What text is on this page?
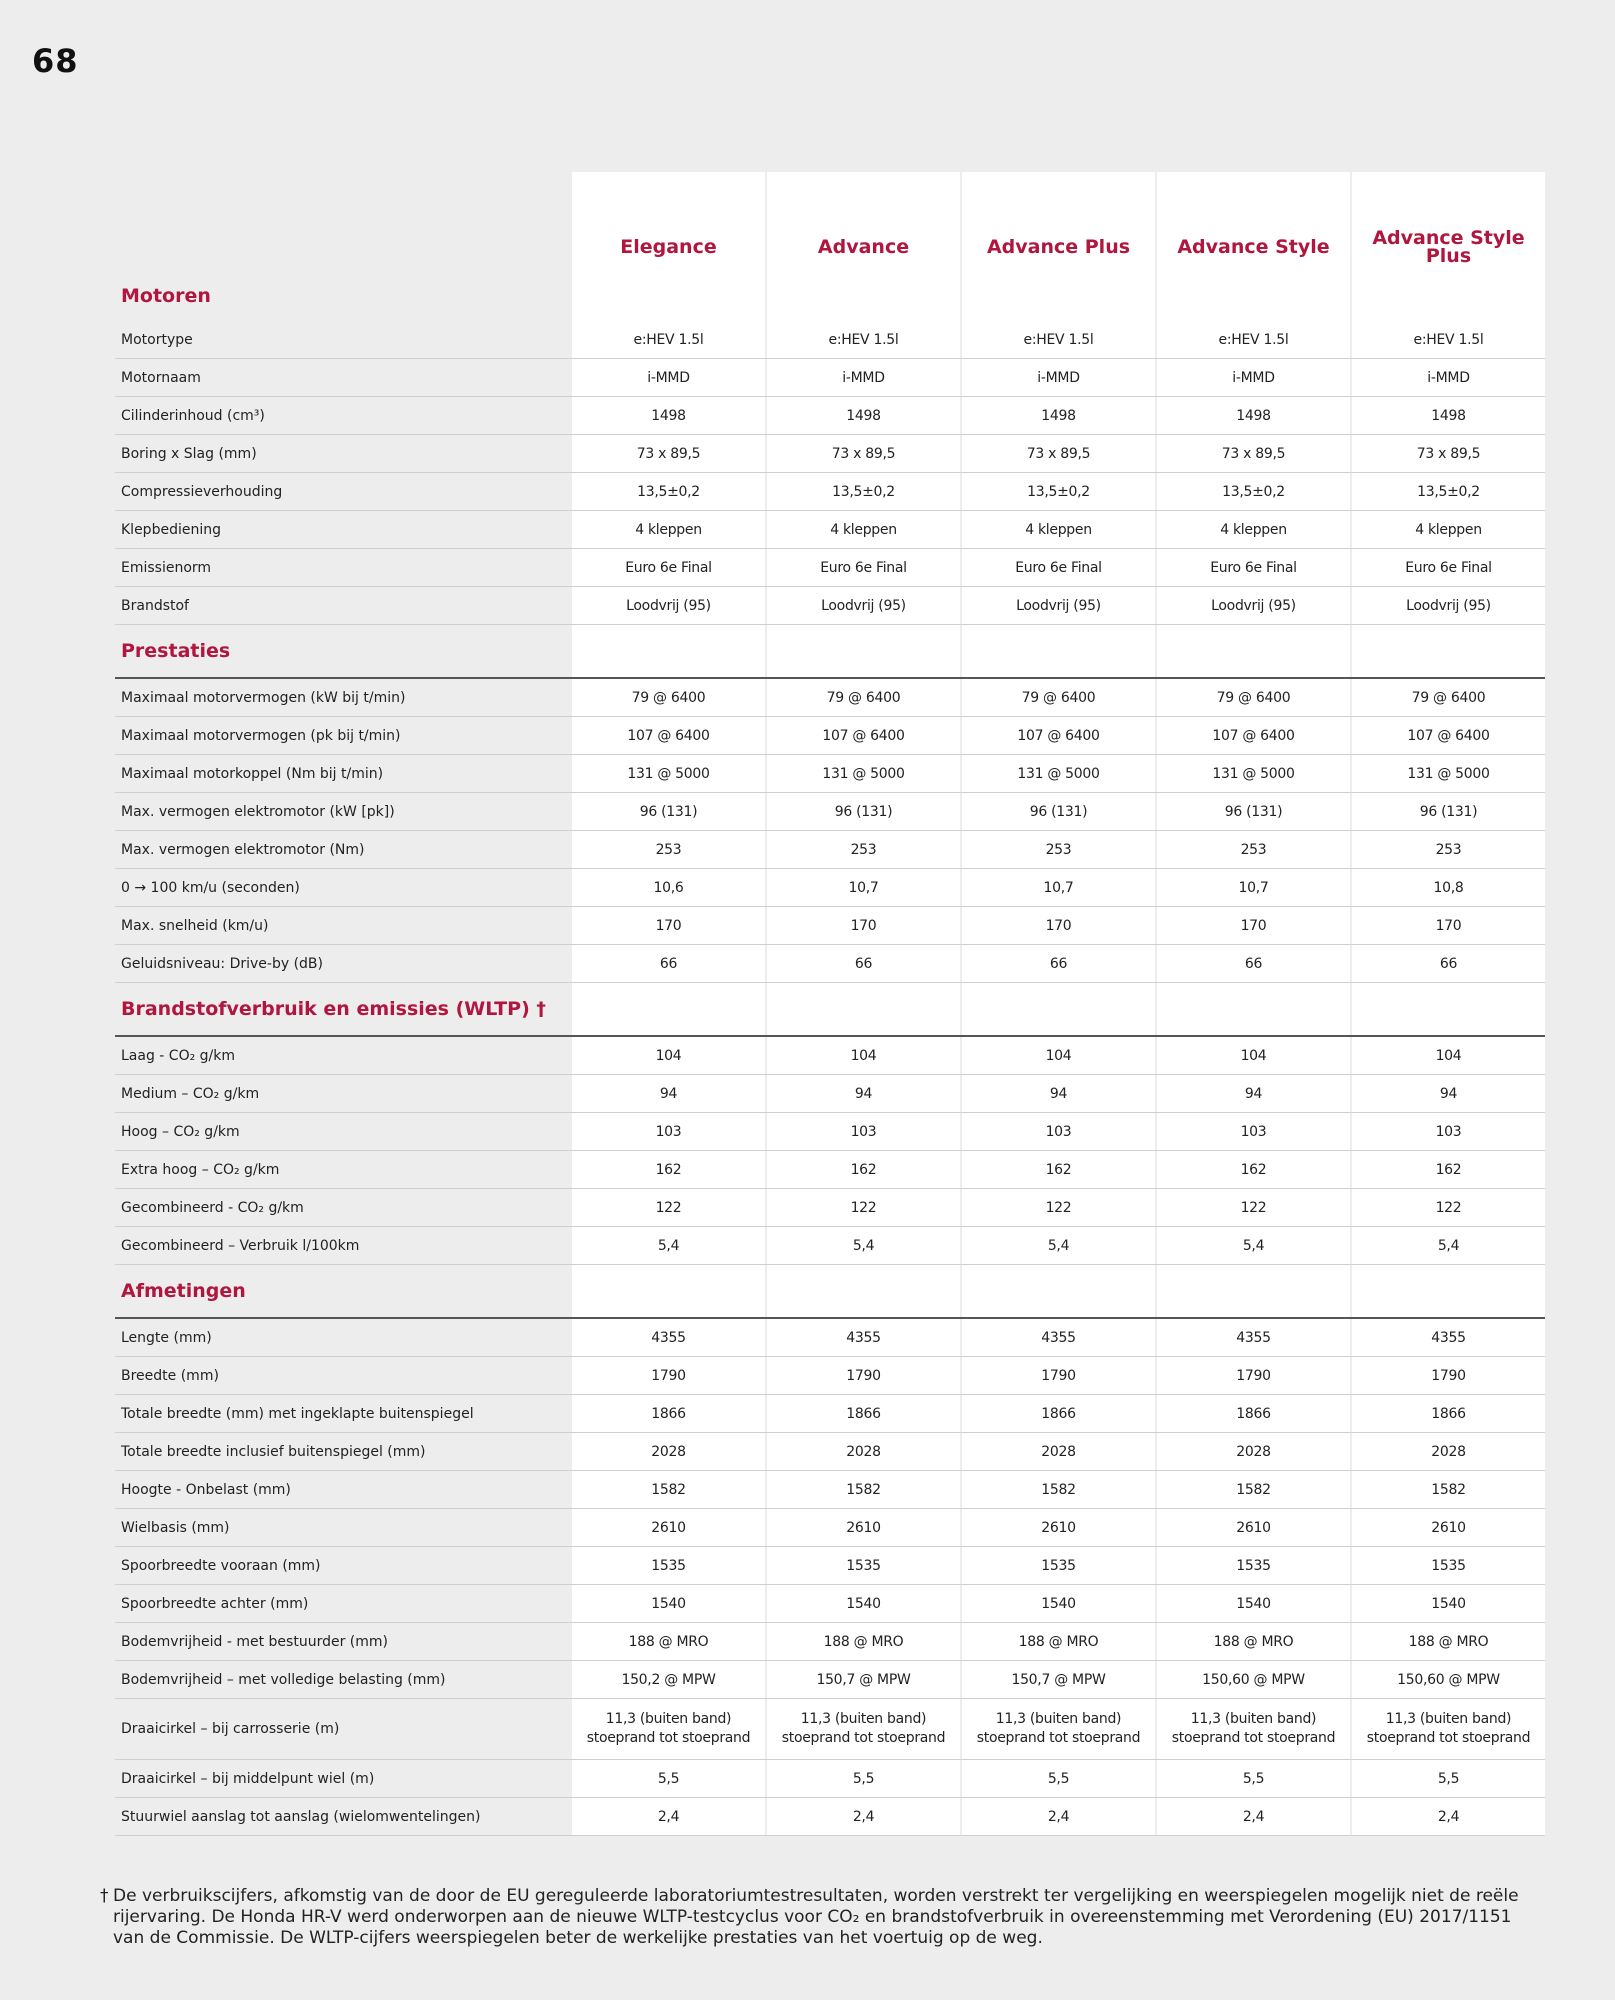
68
Motoren	Elegance		Advance		Advance Plus		Advance Style		Advance Style Plus
Motortype	e:HEV 1.5l		e:HEV 1.5l		e:HEV 1.5l		e:HEV 1.5l		e:HEV 1.5l
Motornaam	i-MMD		i-MMD		i-MMD		i-MMD		i-MMD
Cilinderinhoud (cm³)	1498		1498		1498		1498		1498
Boring x Slag (mm)	73 x 89,5		73 x 89,5		73 x 89,5		73 x 89,5		73 x 89,5
Compressieverhouding	13,5±0,2		13,5±0,2		13,5±0,2		13,5±0,2		13,5±0,2
Klepbediening	4 kleppen		4 kleppen		4 kleppen		4 kleppen		4 kleppen
Emissienorm	Euro 6e Final		Euro 6e Final		Euro 6e Final		Euro 6e Final		Euro 6e Final
Brandstof	Loodvrij (95)		Loodvrij (95)		Loodvrij (95)		Loodvrij (95)		Loodvrij (95)
Prestaties									
Maximaal motorvermogen (kW bij t/min)	79 @ 6400		79 @ 6400		79 @ 6400		79 @ 6400		79 @ 6400
Maximaal motorvermogen (pk bij t/min)	107 @ 6400		107 @ 6400		107 @ 6400		107 @ 6400		107 @ 6400
Maximaal motorkoppel (Nm bij t/min)	131 @ 5000		131 @ 5000		131 @ 5000		131 @ 5000		131 @ 5000
Max. vermogen elektromotor (kW [pk])	96 (131)		96 (131)		96 (131)		96 (131)		96 (131)
Max. vermogen elektromotor (Nm)	253		253		253		253		253
0 → 100 km/u (seconden)	10,6		10,7		10,7		10,7		10,8
Max. snelheid (km/u)	170		170		170		170		170
Geluidsniveau: Drive-by (dB)	66		66		66		66		66
Brandstofverbruik en emissies (WLTP) †									
Laag - CO₂ g/km	104		104		104		104		104
Medium – CO₂ g/km	94		94		94		94		94
Hoog – CO₂ g/km	103		103		103		103		103
Extra hoog – CO₂ g/km	162		162		162		162		162
Gecombineerd - CO₂ g/km	122		122		122		122		122
Gecombineerd – Verbruik l/100km	5,4		5,4		5,4		5,4		5,4
Afmetingen									
Lengte (mm)	4355		4355		4355		4355		4355
Breedte (mm)	1790		1790		1790		1790		1790
Totale breedte (mm) met ingeklapte buitenspiegel	1866		1866		1866		1866		1866
Totale breedte inclusief buitenspiegel (mm)	2028		2028		2028		2028		2028
Hoogte - Onbelast (mm)	1582		1582		1582		1582		1582
Wielbasis (mm)	2610		2610		2610		2610		2610
Spoorbreedte vooraan (mm)	1535		1535		1535		1535		1535
Spoorbreedte achter (mm)	1540		1540		1540		1540		1540
Bodemvrijheid - met bestuurder (mm)	188 @ MRO		188 @ MRO		188 @ MRO		188 @ MRO		188 @ MRO
Bodemvrijheid – met volledige belasting (mm)	150,2 @ MPW		150,7 @ MPW		150,7 @ MPW		150,60 @ MPW		150,60 @ MPW
Draaicirkel – bij carrosserie (m)	11,3 (buiten band) stoeprand tot stoeprand		11,3 (buiten band) stoeprand tot stoeprand		11,3 (buiten band) stoeprand tot stoeprand		11,3 (buiten band) stoeprand tot stoeprand		11,3 (buiten band) stoeprand tot stoeprand
Draaicirkel – bij middelpunt wiel (m)	5,5		5,5		5,5		5,5		5,5
Stuurwiel aanslag tot aanslag (wielomwentelingen)	2,4		2,4		2,4		2,4		2,4
† De verbruikscijfers, afkomstig van de door de EU gereguleerde laboratoriumtestresultaten, worden verstrekt ter vergelijking en weerspiegelen mogelijk niet de reële rijervaring. De Honda HR-V werd onderworpen aan de nieuwe WLTP-testcyclus voor CO₂ en brandstofverbruik in overeenstemming met Verordening (EU) 2017/1151 van de Commissie. De WLTP-cijfers weerspiegelen beter de werkelijke prestaties van het voertuig op de weg.
